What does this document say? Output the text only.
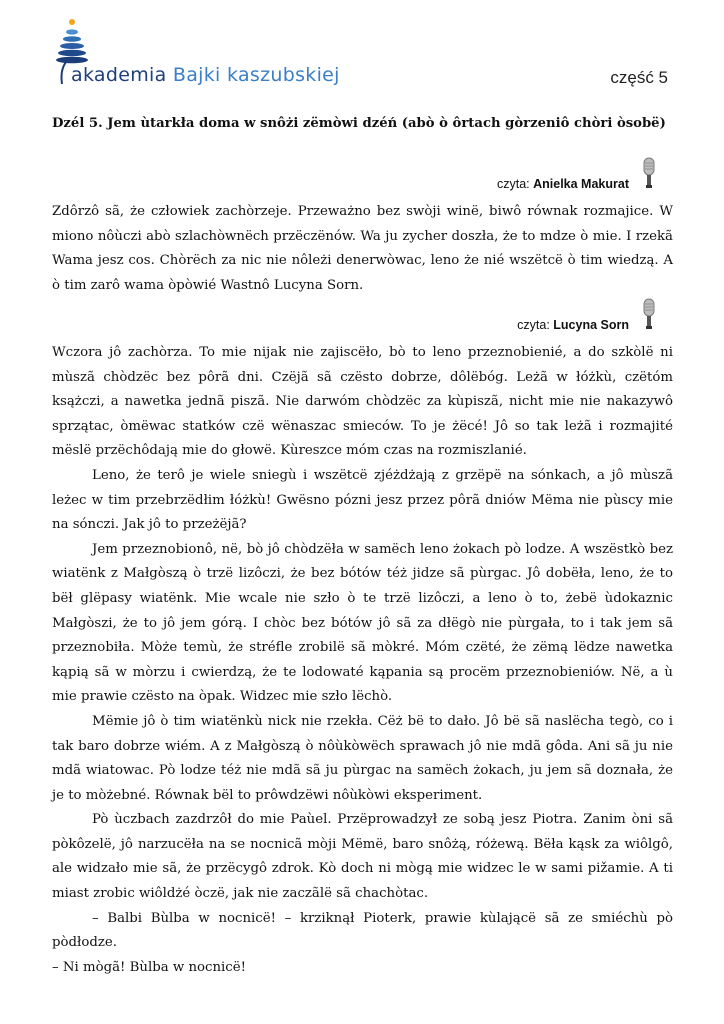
akademia Bajki kaszubskiej	część 5
Dzél 5. Jem ùtarkła doma w snôżi zëmòwi dzéń (abò ò ôrtach gòrzeniô chòri òsobë)
czyta: Anielka Makurat
Zdôrzô sã, że człowiek zachòrzeje. Przeważno bez swòji winë, biwô równak rozmajice. W miono nôùczi abò szlachòwnëch przëczënów. Wa ju zycher doszła, że to mdze ò mie. I rzekã Wama jesz cos. Chòrëch za nic nie nôleżi denerwòwac, leno że nié wszëtcë ò tim wiedzą. A ò tim zarô wama òpòwié Wastnô Lucyna Sorn.
czyta: Lucyna Sorn

Wczora jô zachòrza. To mie nijak nie zajiscëło, bò to leno przeznobienié, a do szkòlë ni mùszã chòdzëc bez pôrã dni. Czëjã sã czësto dobrze, dôlëbóg. Leżã w łóżkù, czëtóm ksążczi, a nawetka jednã piszã. Nie darwóm chòdzëc za kùpiszã, nicht mie nie nakazywô sprzątac, òmëwac statków czë wënaszac smieców. To je żëcé! Jô so tak leżã i rozmajité mëslë przëchôdają mie do głowë. Kùreszce móm czas na rozmiszlanié.

Leno, że terô je wiele sniegù i wszëtcë zjéżdżają z grzëpë na sónkach, a jô mùszã leżec w tim przebrzëdłim łóżkù! Gwësno pózni jesz przez pôrã dniów Mëma nie pùscy mie na sónczi. Jak jô to przeżëjã?

Jem przeznobionô, në, bò jô chòdzëła w samëch leno żokach pò lodze. A wszëstkò bez wiatënk z Małgòszą ò trzë lizôczi, że bez bótów téż jidze sã pùrgac. Jô dobëła, leno, że to bëł glëpasy wiatënk. Mie wcale nie szło ò te trzë lizôczi, a leno ò to, żebë ùdokaznic Małgòszi, że to jô jem górą. I chòc bez bótów jô sã za dłëgò nie pùrgała, to i tak jem sã przeznobiła. Mòże temù, że stréfle zrobilë sã mòkré. Móm czëté, że zëmą lëdze nawetka kąpią sã w mòrzu i cwierdzą, że te lodowaté kąpania są procëm przeznobieniów. Në, a ù mie prawie czësto na òpak. Widzec mie szło lëchò.

Mëmie jô ò tim wiatënkù nick nie rzekła. Cëż bë to dało. Jô bë sã naslëcha tegò, co i tak baro dobrze wiém. A z Małgòszą ò nôùkòwëch sprawach jô nie mdã gôda. Ani sã ju nie mdã wiatowac. Pò lodze téż nie mdã sã ju pùrgac na samëch żokach, ju jem sã doznała, że je to mòżebné. Równak bël to prôwdzëwi nôùkòwi eksperiment.

Pò ùczbach zazdrzôł do mie Paùel. Przëprowadzył ze sobą jesz Piotra. Zanim òni sã pòkôzelë, jô narzucëła na se nocnicã mòji Mëmë, baro snôżą, różewą. Bëła kąsk za wiôlgô, ale widzało mie sã, że przëcygô zdrok. Kò doch ni mògą mie widzec le w sami pižamie. A ti miast zrobic wiôldżé òczë, jak nie zaczãlë sã chachòtac.

– Balbi Bùlba w nocnicë! – krziknął Pioterk, prawie kùlającë sã ze smiéchù pò pòdłodze.

– Ni mògã! Bùlba w nocnicë!
